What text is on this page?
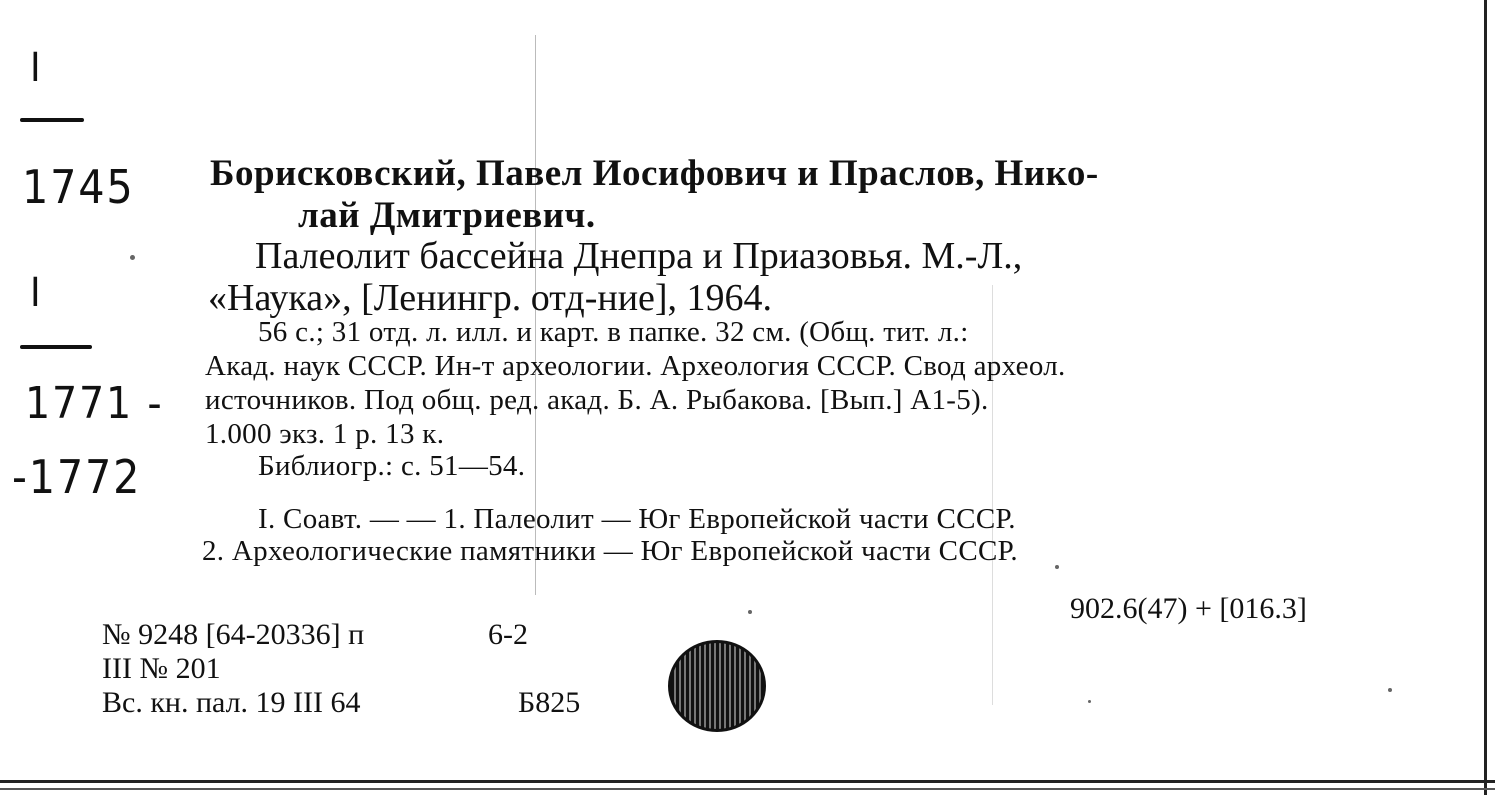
I
1745
I
1771 -
-1772
Борисковский, Павел Иосифович и Праслов, Нико-
лай Дмитриевич.
Палеолит бассейна Днепра и Приазовья. М.-Л.,
«Наука», [Ленингр. отд-ние], 1964.
56 с.; 31 отд. л. илл. и карт. в папке. 32 см. (Общ. тит. л.:
Акад. наук СССР. Ин-т археологии. Археология СССР. Свод археол.
источников. Под общ. ред. акад. Б. А. Рыбакова. [Вып.] А1-5).
1.000 экз. 1 р. 13 к.
Библиогр.: с. 51—54.
I. Соавт. — — 1. Палеолит — Юг Европейской части СССР.
2. Археологические памятники — Юг Европейской части СССР.
902.6(47) + [016.3]
№ 9248 [64-20336] п	6-2
III № 201
Вс. кн. пал. 19 III 64	Б825
